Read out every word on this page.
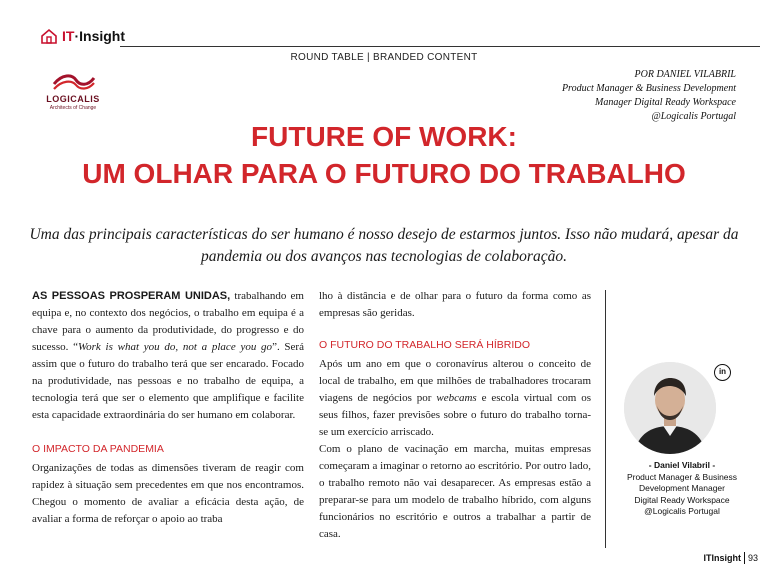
IT·Insight
ROUND TABLE | BRANDED CONTENT
LOGICALIS
Architects of Change
POR DANIEL VILABRIL
Product Manager & Business Development
Manager Digital Ready Workspace
@Logicalis Portugal
FUTURE OF WORK:
UM OLHAR PARA O FUTURO DO TRABALHO
Uma das principais características do ser humano é nosso desejo de estarmos juntos. Isso não mudará, apesar da pandemia ou dos avanços nas tecnologias de colaboração.

AS PESSOAS PROSPERAM UNIDAS, trabalhando em equipa e, no contexto dos negócios, o trabalho em equipa é a chave para o aumento da produtividade, do progresso e do sucesso. “Work is what you do, not a place you go”. Será assim que o futuro do trabalho terá que ser encarado. Focado na produtividade, nas pessoas e no trabalho de equipa, a tecnologia terá que ser o elemento que amplifique e facilite esta capacidade extraordinária do ser humano em colaborar.

O IMPACTO DA PANDEMIA

Organizações de todas as dimensões tiveram de reagir com rapidez à situação sem precedentes em que nos encontramos. Chegou o momento de avaliar a eficácia desta ação, de avaliar a forma de reforçar o apoio ao traba

lho à distância e de olhar para o futuro da forma como as empresas são geridas.

O FUTURO DO TRABALHO SERÁ HÍBRIDO

Após um ano em que o coronavírus alterou o conceito de local de trabalho, em que milhões de trabalhadores trocaram viagens de negócios por webcams e escola virtual com os seus filhos, fazer previsões sobre o futuro do trabalho torna-se um exercício arriscado.

Com o plano de vacinação em marcha, muitas empresas começaram a imaginar o retorno ao escritório. Por outro lado, o trabalho remoto não vai desaparecer. As empresas estão a preparar-se para um modelo de trabalho híbrido, com alguns funcionários no escritório e outros a trabalhar a partir de casa.

in
- Daniel Vilabril -
Product Manager & Business
Development Manager
Digital Ready Workspace
@Logicalis Portugal
ITInsight 93
